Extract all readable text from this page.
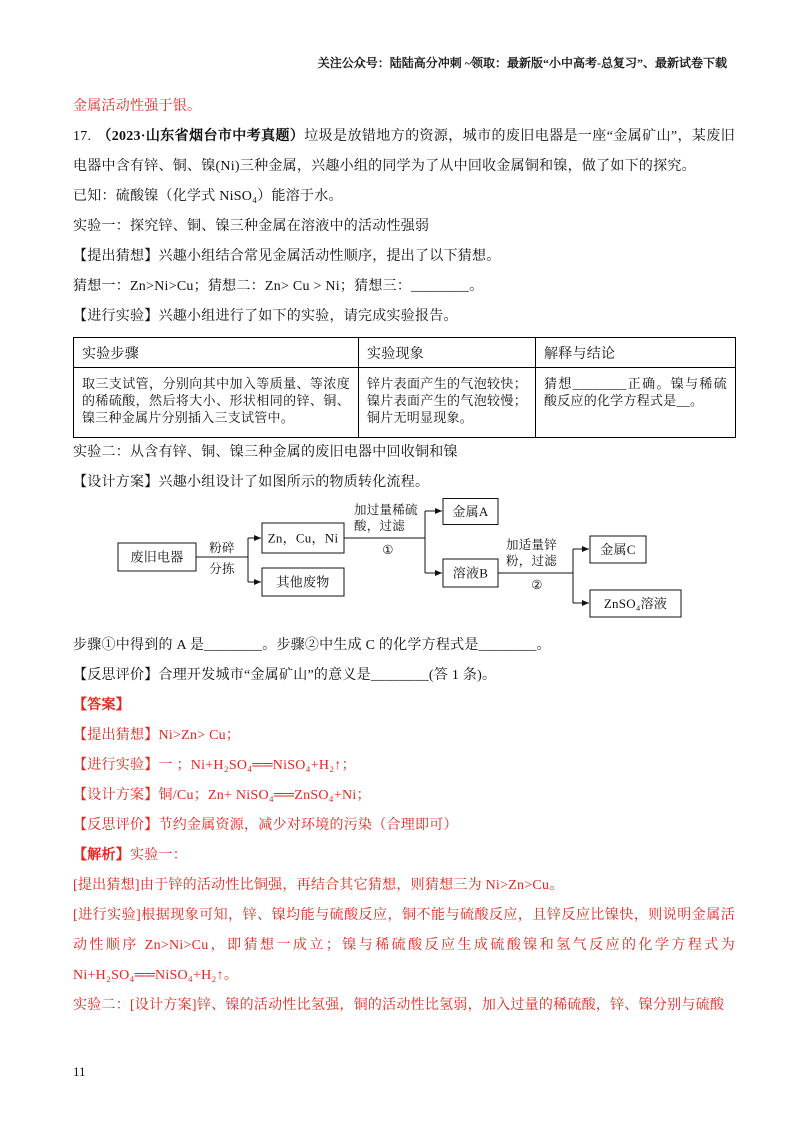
关注公众号：陆陆高分冲刺 ~领取：最新版“小中高考-总复习”、最新试卷下载

金属活动性强于银。

17. （2023·山东省烟台市中考真题）垃圾是放错地方的资源，城市的废旧电器是一座“金属矿山”，某废旧电器中含有锌、铜、镍(Ni)三种金属，兴趣小组的同学为了从中回收金属铜和镍，做了如下的探究。

已知：硫酸镍（化学式 NiSO₄）能溶于水。

实验一：探究锌、铜、镍三种金属在溶液中的活动性强弱

【提出猜想】兴趣小组结合常见金属活动性顺序，提出了以下猜想。

猜想一：Zn>Ni>Cu；猜想二：Zn> Cu > Ni；猜想三：________。

【进行实验】兴趣小组进行了如下的实验，请完成实验报告。

实验步骤	实验现象	解释与结论
取三支试管，分别向其中加入等质量、等浓度的稀硫酸，然后将大小、形状相同的锌、铜、镍三种金属片分别插入三支试管中。	锌片表面产生的气泡较快；镍片表面产生的气泡较慢；铜片无明显现象。	猜想________正确。镍与稀硫酸反应的化学方程式是__。

实验二：从含有锌、铜、镍三种金属的废旧电器中回收铜和镍

【设计方案】兴趣小组设计了如图所示的物质转化流程。

废旧电器
粉碎
分拣
Zn，Cu，Ni
其他废物
加过量稀硫
酸，过滤
①
金属A
溶液B
加适量锌
粉，过滤
②
金属C
ZnSO₄溶液

步骤①中得到的 A 是________。步骤②中生成 C 的化学方程式是________。

【反思评价】合理开发城市“金属矿山”的意义是________(答 1 条)。

【答案】

【提出猜想】Ni>Zn> Cu；

【进行实验】一 ；Ni+H₂SO₄══NiSO₄+H₂↑；

【设计方案】铜/Cu；Zn+ NiSO₄══ZnSO₄+Ni；

【反思评价】节约金属资源，减少对环境的污染（合理即可）

【解析】实验一：

[提出猜想]由于锌的活动性比铜强，再结合其它猜想，则猜想三为 Ni>Zn>Cu。

[进行实验]根据现象可知，锌、镍均能与硫酸反应，铜不能与硫酸反应，且锌反应比镍快，则说明金属活动性顺序 Zn>Ni>Cu，即猜想一成立；镍与稀硫酸反应生成硫酸镍和氢气反应的化学方程式为Ni+H₂SO₄══NiSO₄+H₂↑。

实验二：[设计方案]锌、镍的活动性比氢强，铜的活动性比氢弱，加入过量的稀硫酸，锌、镍分别与硫酸

11
